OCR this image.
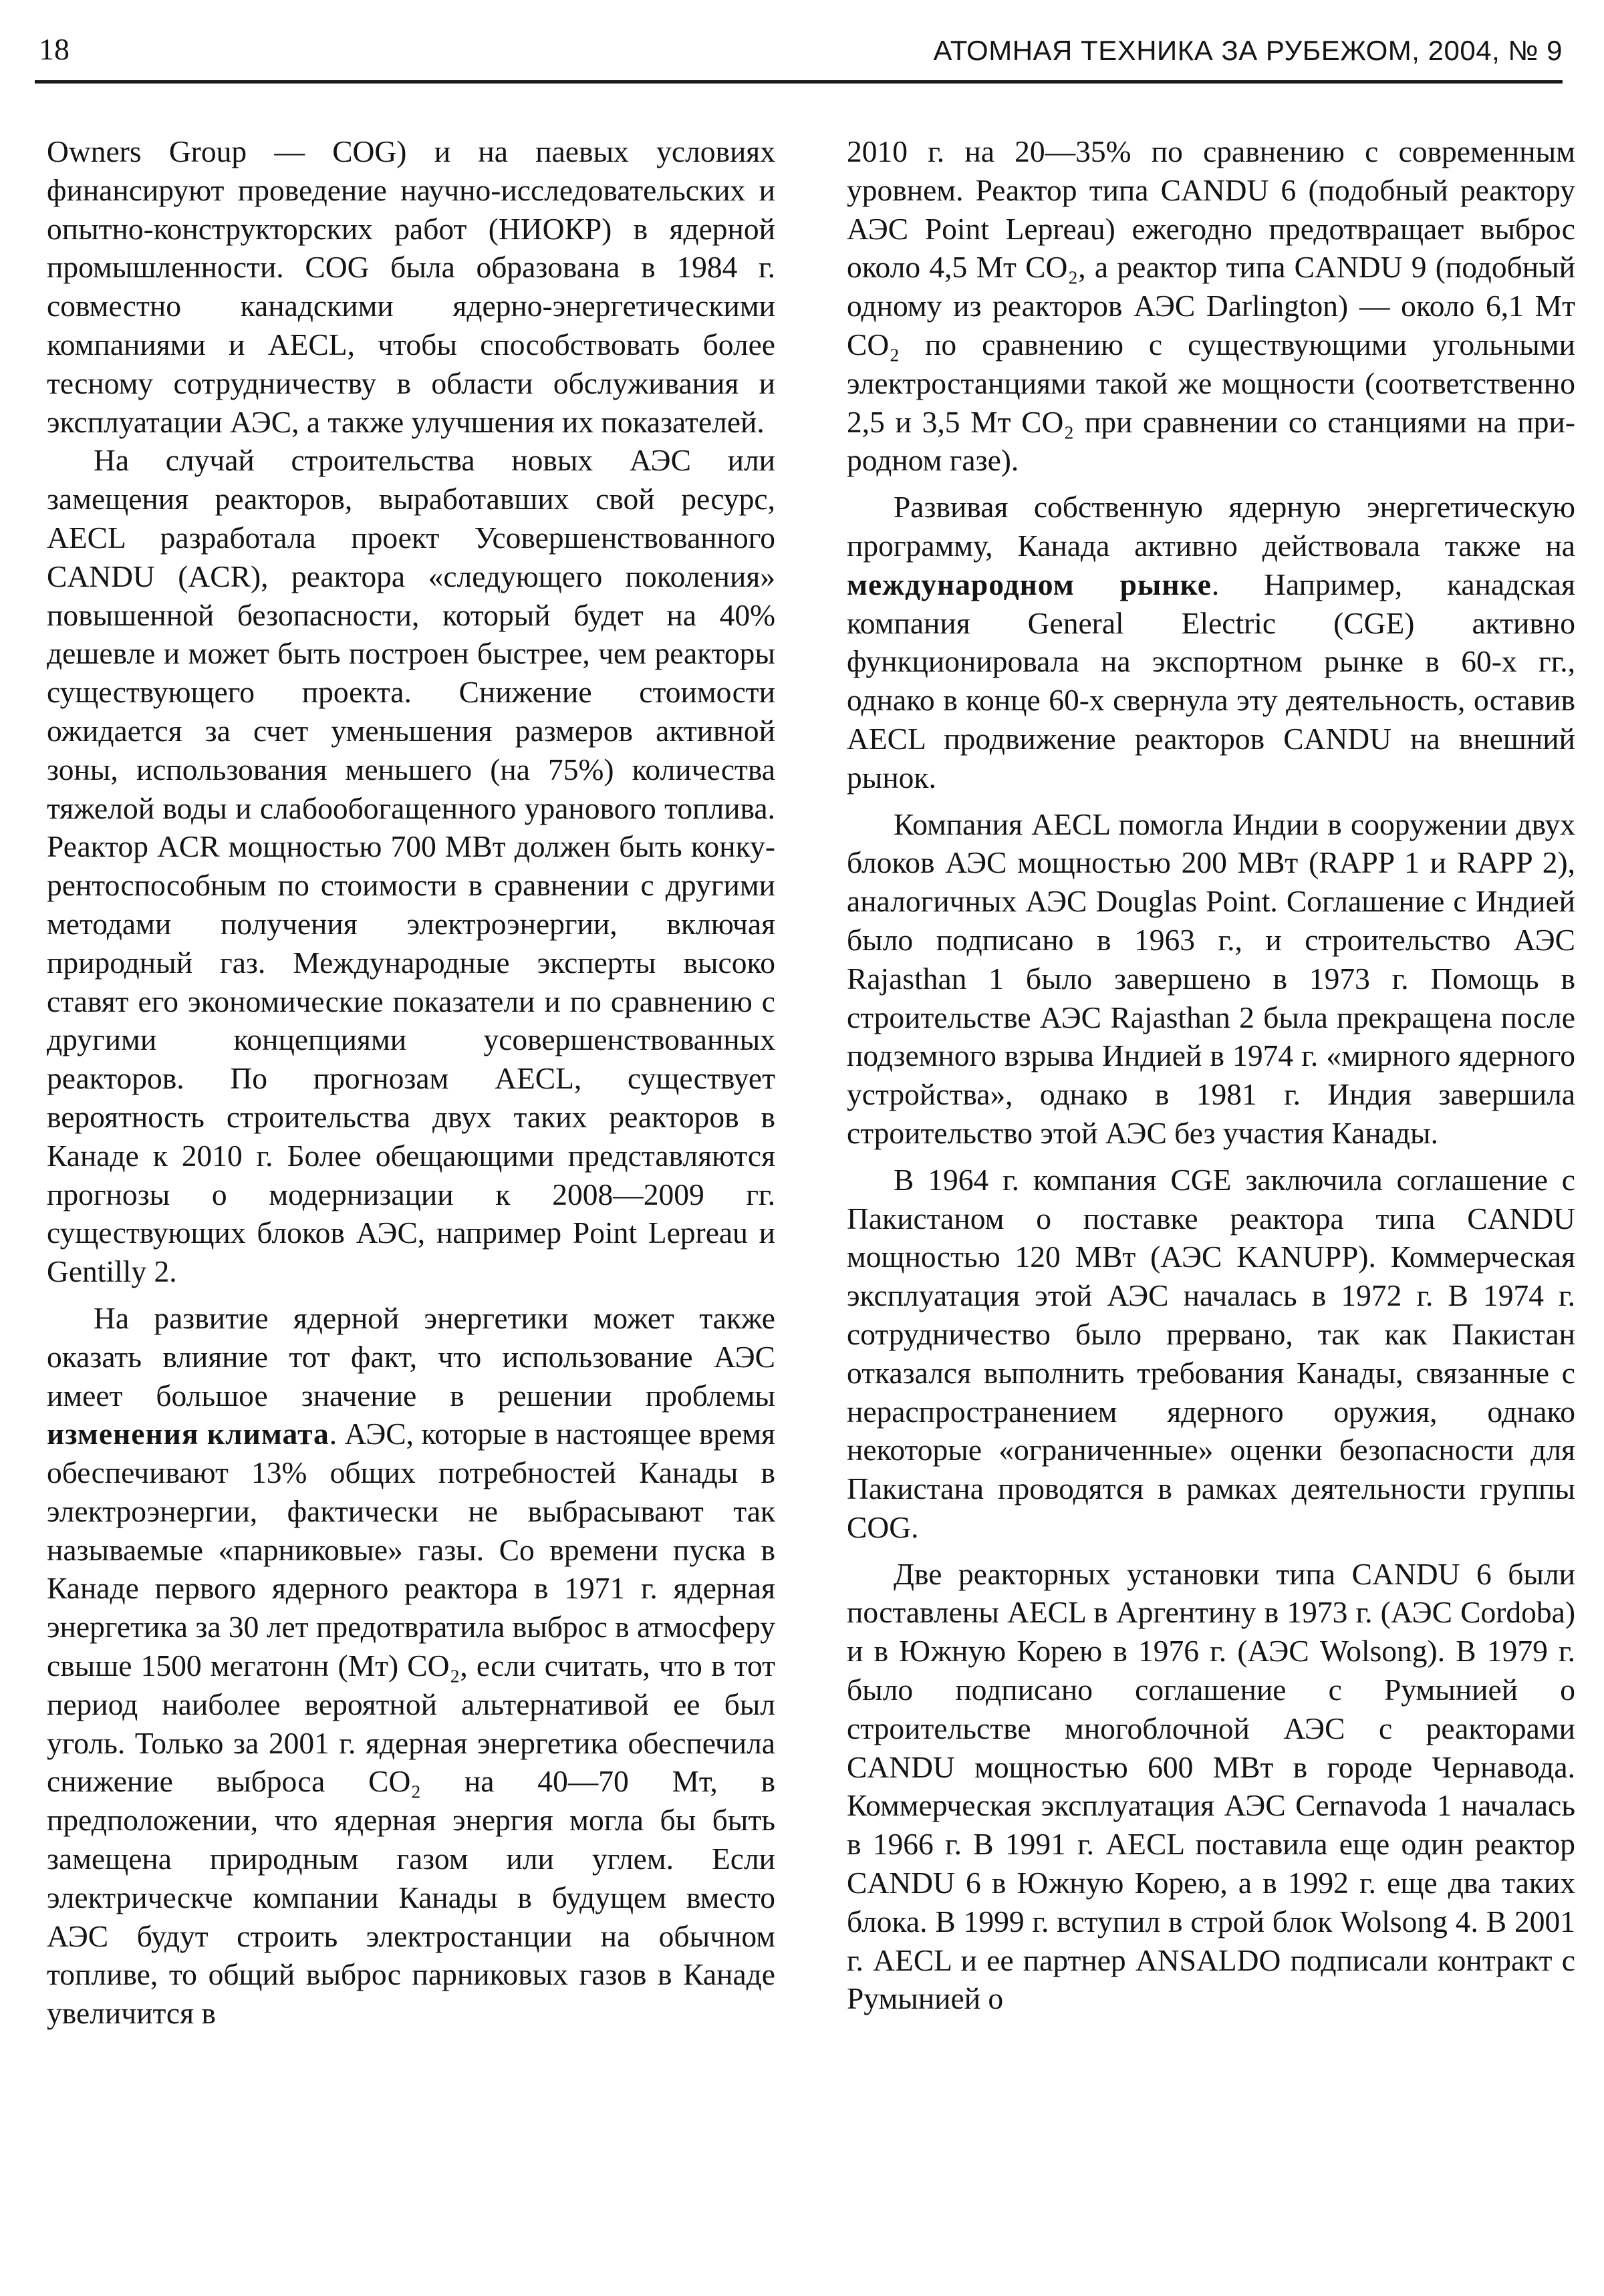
18	АТОМНАЯ ТЕХНИКА ЗА РУБЕЖОМ, 2004, № 9

Owners Group — COG) и на паевых условиях финансируют проведение научно-исследовательских и опытно-конструкторских работ (НИОКР) в ядерной промышленности. COG была образована в 1984 г. совместно канадскими ядерно-энергетическими компаниями и AECL, чтобы способствовать более тесному сотрудничеству в области обслуживания и эксплуатации АЭС, а также улучшения их показателей.

На случай строительства новых АЭС или замещения реакторов, выработавших свой ресурс, AECL разработала проект Усовершенствованного CANDU (ACR), реактора «следующего поколения» повышенной безопасности, который будет на 40% дешевле и может быть построен быстрее, чем реакторы существующего проекта. Снижение стоимости ожидается за счет уменьшения размеров активной зоны, использования меньшего (на 75%) количества тяжелой воды и слабообогащенного уранового топлива. Реактор ACR мощностью 700 МВт должен быть конкурентоспособным по стоимости в сравнении с другими методами получения электроэнергии, включая природный газ. Международные эксперты высоко ставят его экономические показатели и по сравнению с другими концепциями усовершенствованных реакторов. По прогнозам AECL, существует вероятность строительства двух таких реакторов в Канаде к 2010 г. Более обещающими представляются прогнозы о модернизации к 2008—2009 гг. существующих блоков АЭС, например Point Lepreau и Gentilly 2.

На развитие ядерной энергетики может также оказать влияние тот факт, что использование АЭС имеет большое значение в решении проблемы изменения климата. АЭС, которые в настоящее время обеспечивают 13% общих потребностей Канады в электроэнергии, фактически не выбрасывают так называемые «парниковые» газы. Со времени пуска в Канаде первого ядерного реактора в 1971 г. ядерная энергетика за 30 лет предотвратила выброс в атмосферу свыше 1500 мегатонн (Мт) CO₂, если считать, что в тот период наиболее вероятной альтернативой ее был уголь. Только за 2001 г. ядерная энергетика обеспечила снижение выброса CO₂ на 40—70 Мт, в предположении, что ядерная энергия могла бы быть замещена природным газом или углем. Если электрическче компании Канады в будущем вместо АЭС будут строить электростанции на обычном топливе, то общий выброс парниковых газов в Канаде увеличится в

2010 г. на 20—35% по сравнению с современным уровнем. Реактор типа CANDU 6 (подобный реактору АЭС Point Lepreau) ежегодно предотвращает выброс около 4,5 Мт CO₂, а реактор типа CANDU 9 (подобный одному из реакторов АЭС Darlington) — около 6,1 Мт CO₂ по сравнению с существующими угольными электростанциями такой же мощности (соответственно 2,5 и 3,5 Мт CO₂ при сравнении со станциями на природном газе).

Развивая собственную ядерную энергетическую программу, Канада активно действовала также на международном рынке. Например, канадская компания General Electric (CGE) активно функционировала на экспортном рынке в 60-х гг., однако в конце 60-х свернула эту деятельность, оставив AECL продвижение реакторов CANDU на внешний рынок.

Компания AECL помогла Индии в сооружении двух блоков АЭС мощностью 200 МВт (RAPP 1 и RAPP 2), аналогичных АЭС Douglas Point. Соглашение с Индией было подписано в 1963 г., и строительство АЭС Rajasthan 1 было завершено в 1973 г. Помощь в строительстве АЭС Rajasthan 2 была прекращена после подземного взрыва Индией в 1974 г. «мирного ядерного устройства», однако в 1981 г. Индия завершила строительство этой АЭС без участия Канады.

В 1964 г. компания CGE заключила соглашение с Пакистаном о поставке реактора типа CANDU мощностью 120 МВт (АЭС KANUPP). Коммерческая эксплуатация этой АЭС началась в 1972 г. В 1974 г. сотрудничество было прервано, так как Пакистан отказался выполнить требования Канады, связанные с нераспространением ядерного оружия, однако некоторые «ограниченные» оценки безопасности для Пакистана проводятся в рамках деятельности группы COG.

Две реакторных установки типа CANDU 6 были поставлены AECL в Аргентину в 1973 г. (АЭС Cordoba) и в Южную Корею в 1976 г. (АЭС Wolsong). В 1979 г. было подписано соглашение с Румынией о строительстве многоблочной АЭС с реакторами CANDU мощностью 600 МВт в городе Чернавода. Коммерческая эксплуатация АЭС Cernavoda 1 началась в 1966 г. В 1991 г. AECL поставила еще один реактор CANDU 6 в Южную Корею, а в 1992 г. еще два таких блока. В 1999 г. вступил в строй блок Wolsong 4. В 2001 г. AECL и ее партнер ANSALDO подписали контракт с Румынией о
